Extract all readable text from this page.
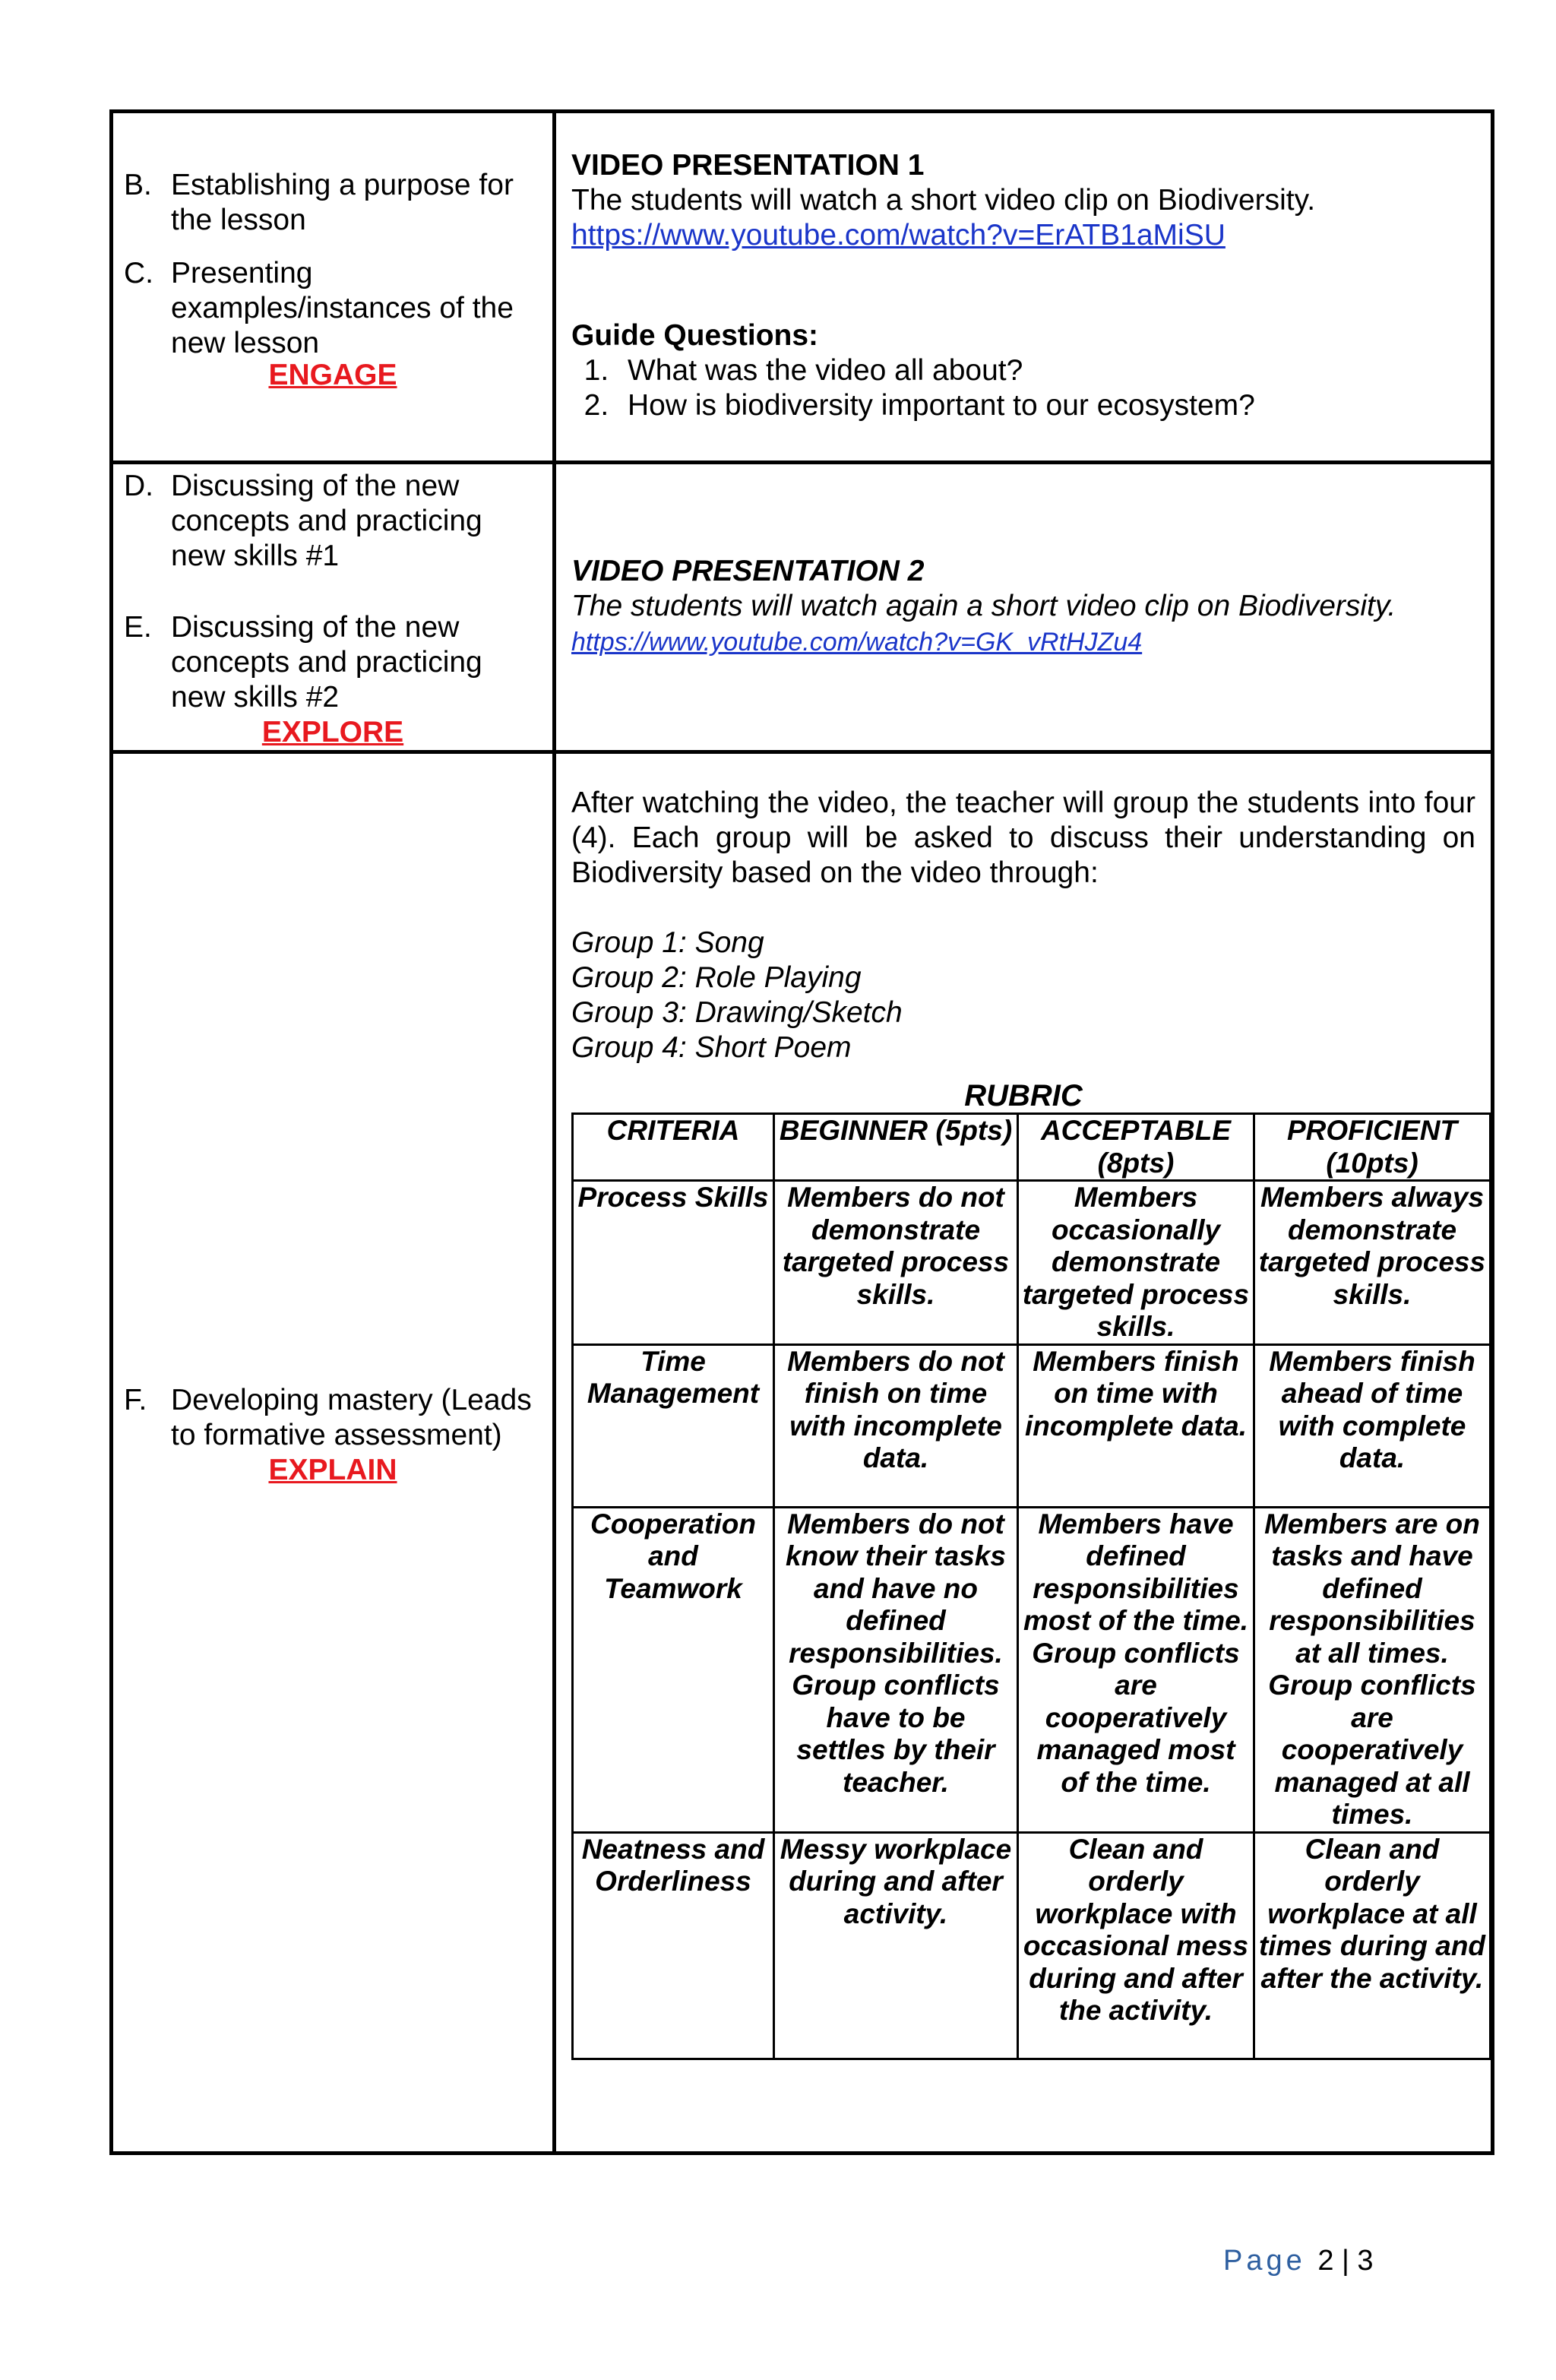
B. Establishing a purpose for the lesson
C. Presenting examples/instances of the new lesson
ENGAGE

VIDEO PRESENTATION 1
The students will watch a short video clip on Biodiversity.
https://www.youtube.com/watch?v=ErATB1aMiSU
Guide Questions:
1. What was the video all about?
2. How is biodiversity important to our ecosystem?

D. Discussing of the new concepts and practicing new skills #1
E. Discussing of the new concepts and practicing new skills #2
EXPLORE

VIDEO PRESENTATION 2
The students will watch again a short video clip on Biodiversity.
https://www.youtube.com/watch?v=GK_vRtHJZu4

F. Developing mastery (Leads to formative assessment)
EXPLAIN

After watching the video, the teacher will group the students into four (4). Each group will be asked to discuss their understanding on Biodiversity based on the video through:
Group 1: Song
Group 2: Role Playing
Group 3: Drawing/Sketch
Group 4: Short Poem
RUBRIC
CRITERIA	BEGINNER (5pts)	ACCEPTABLE (8pts)	PROFICIENT (10pts)
Process Skills	Members do not demonstrate targeted process skills.	Members occasionally demonstrate targeted process skills.	Members always demonstrate targeted process skills.
Time Management	Members do not finish on time with incomplete data.	Members finish on time with incomplete data.	Members finish ahead of time with complete data.
Cooperation and Teamwork	Members do not know their tasks and have no defined responsibilities. Group conflicts have to be settles by their teacher.	Members have defined responsibilities most of the time. Group conflicts are cooperatively managed most of the time.	Members are on tasks and have defined responsibilities at all times. Group conflicts are cooperatively managed at all times.
Neatness and Orderliness	Messy workplace during and after activity.	Clean and orderly workplace with occasional mess during and after the activity.	Clean and orderly workplace at all times during and after the activity.
Page 2 | 3
